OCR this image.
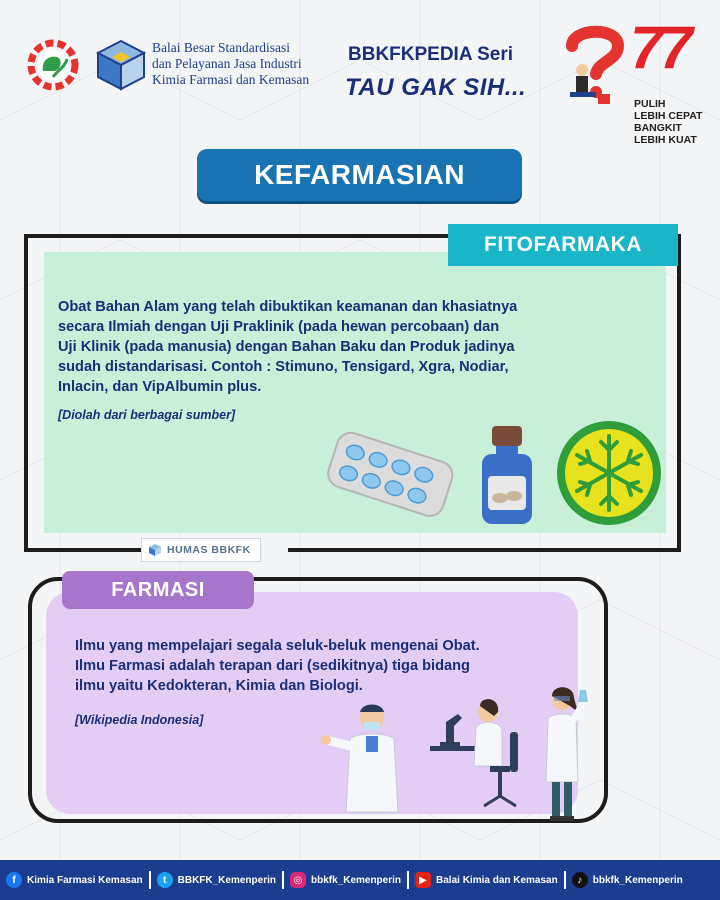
Balai Besar Standardisasi
dan Pelayanan Jasa Industri
Kimia Farmasi dan Kemasan
BBKFKPEDIA Seri
TAU GAK SIH...
77
PULIH
LEBIH CEPAT
BANGKIT
LEBIH KUAT
KEFARMASIAN
FITOFARMAKA
Obat Bahan Alam yang telah dibuktikan keamanan dan khasiatnya
secara Ilmiah dengan Uji Praklinik (pada hewan percobaan) dan
Uji Klinik (pada manusia) dengan Bahan Baku dan Produk jadinya
sudah distandarisasi. Contoh : Stimuno, Tensigard, Xgra, Nodiar,
Inlacin, dan VipAlbumin plus.
[Diolah dari berbagai sumber]
HUMAS BBKFK
FARMASI
Ilmu yang mempelajari segala seluk-beluk mengenai Obat.
Ilmu Farmasi adalah terapan dari (sedikitnya) tiga bidang
ilmu yaitu Kedokteran, Kimia dan Biologi.
[Wikipedia Indonesia]
f	Kimia Farmasi Kemasan	t	BBKFK_Kemenperin	◎ bbkfk_Kemenperin	▶ Balai Kimia dan Kemasan	♪	bbkfk_Kemenperin
